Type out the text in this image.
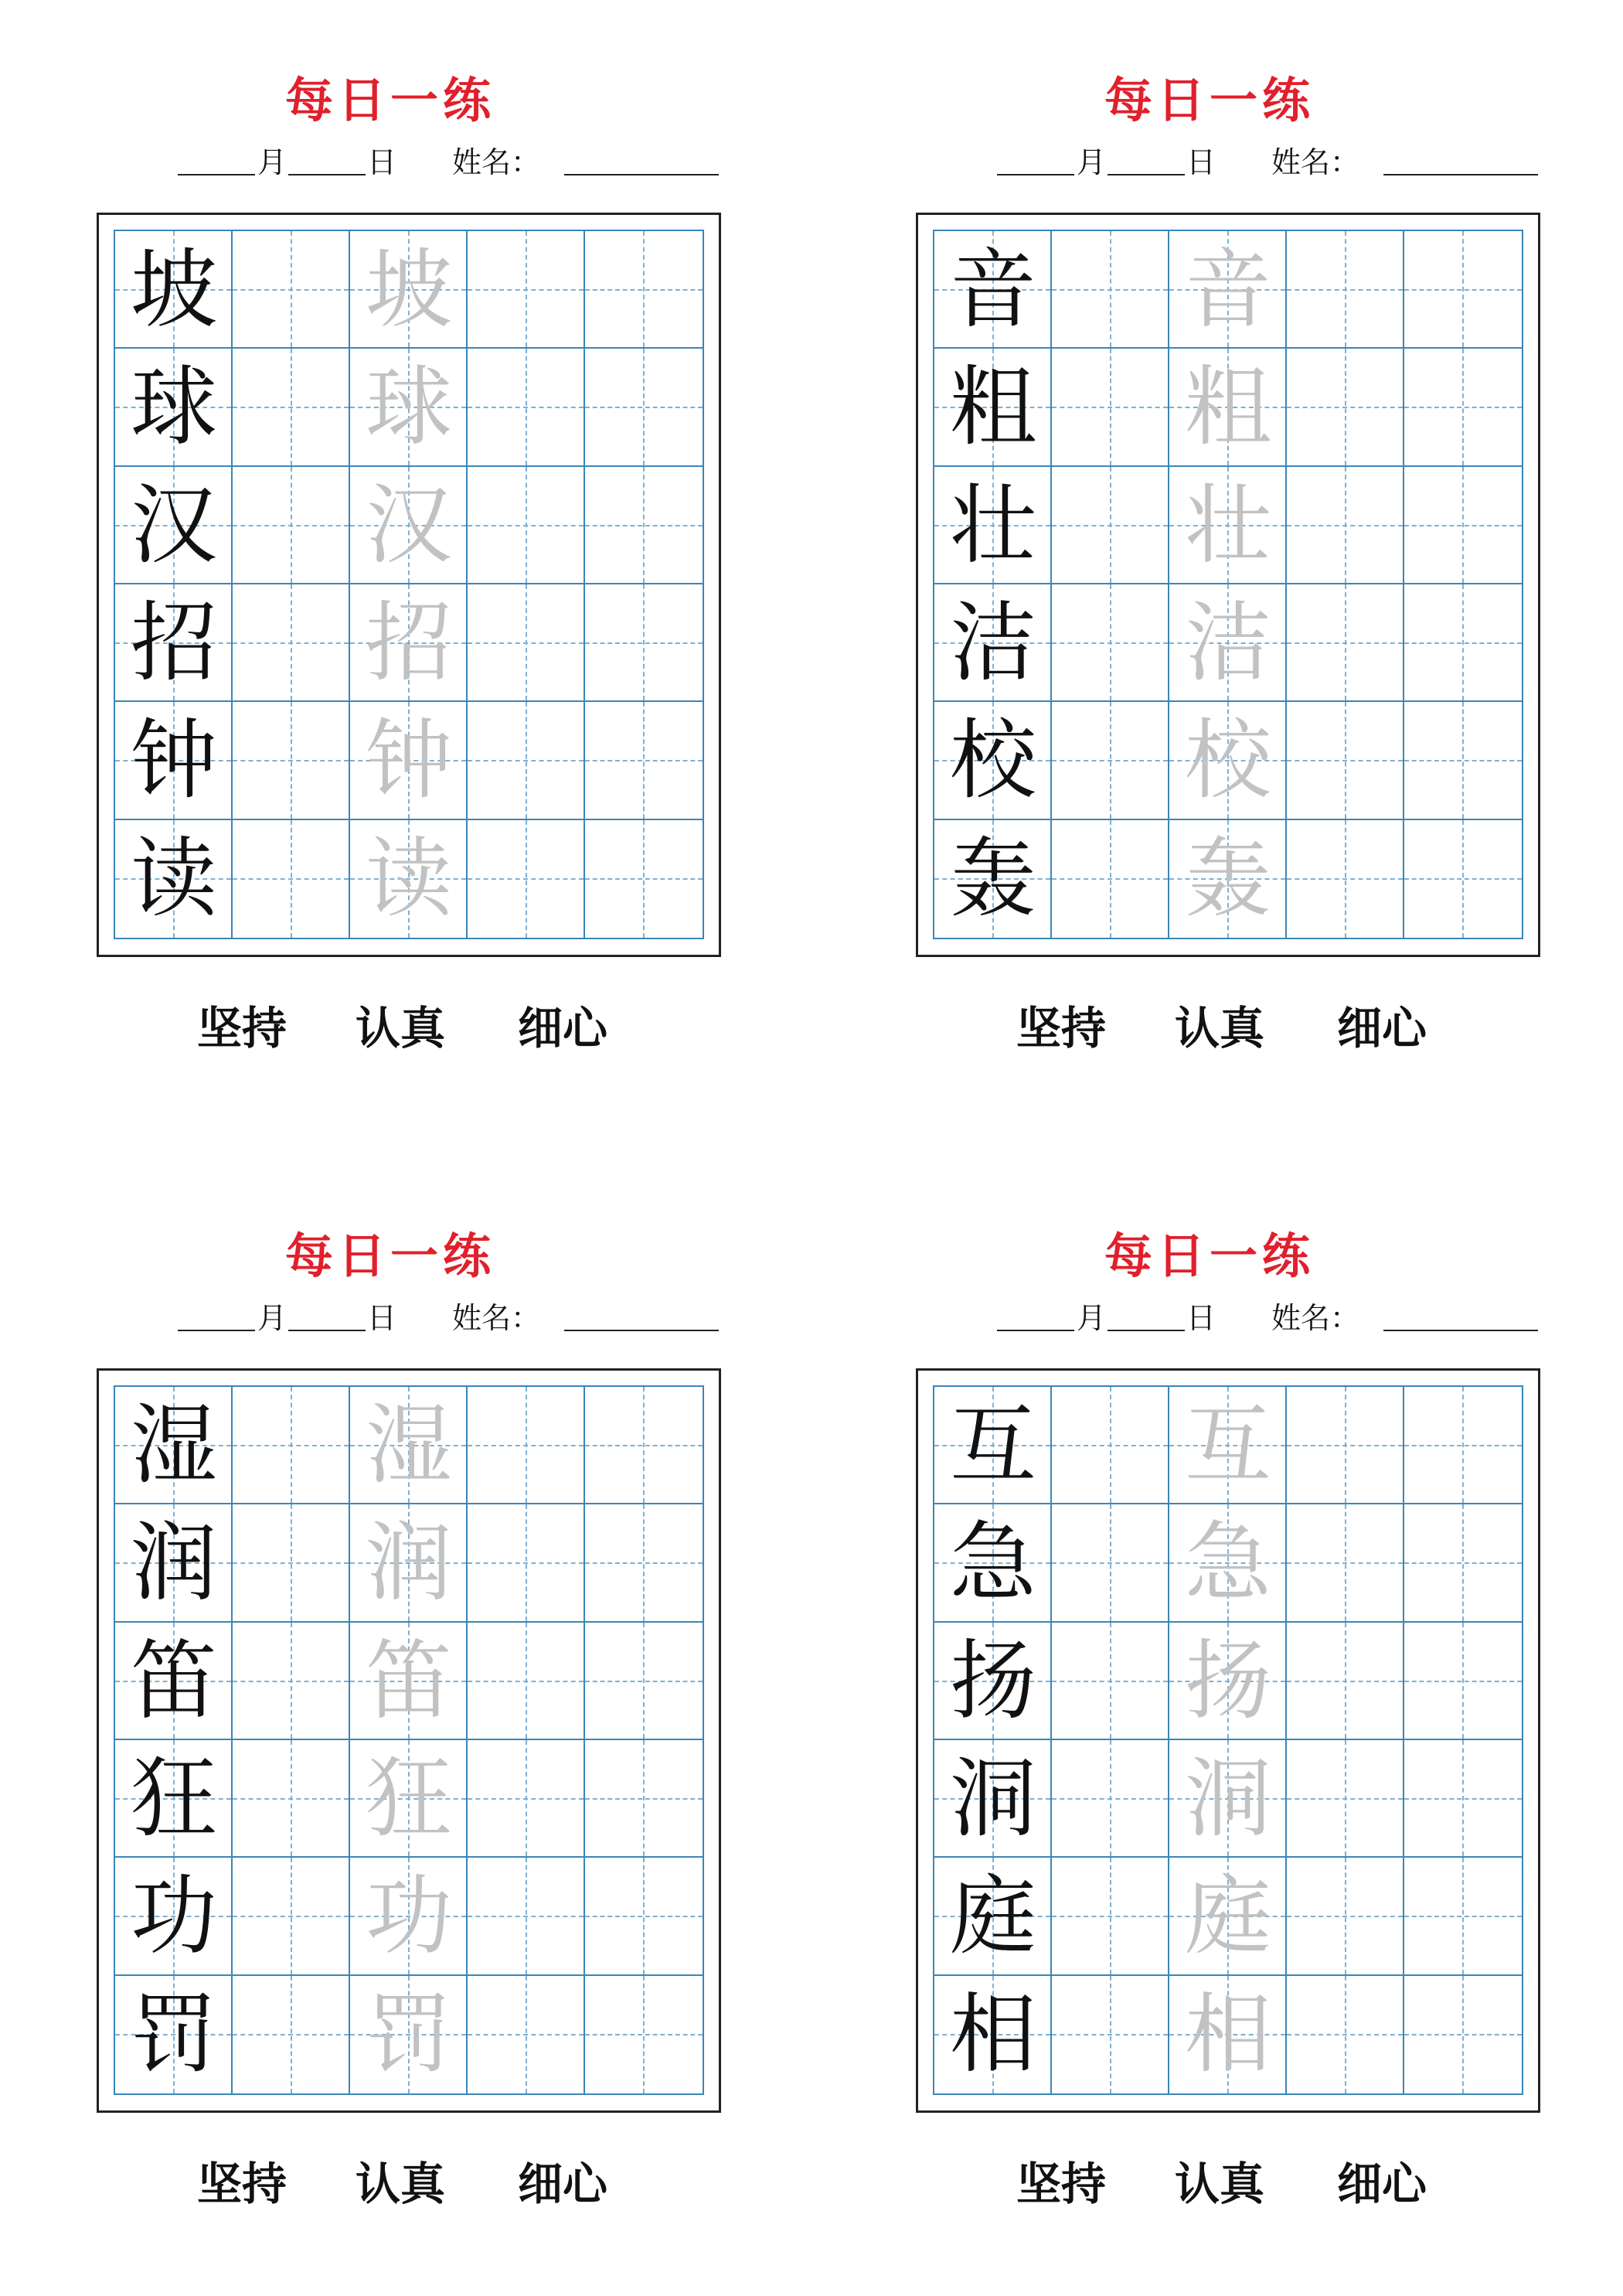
每日一练
月	日 姓名：
坡 坡
球 球
汉 汉
招 招
钟 钟
读 读
坚持 认真 细心
每日一练
月	日 姓名：
音 音
粗 粗
壮 壮
洁 洁
校 校
轰 轰
坚持 认真 细心
每日一练
月	日 姓名：
湿 湿
润 润
笛 笛
狂 狂
功 功
罚 罚
坚持 认真 细心
每日一练
月	日 姓名：
互 互
急 急
扬 扬
洞 洞
庭 庭
相 相
坚持 认真 细心
